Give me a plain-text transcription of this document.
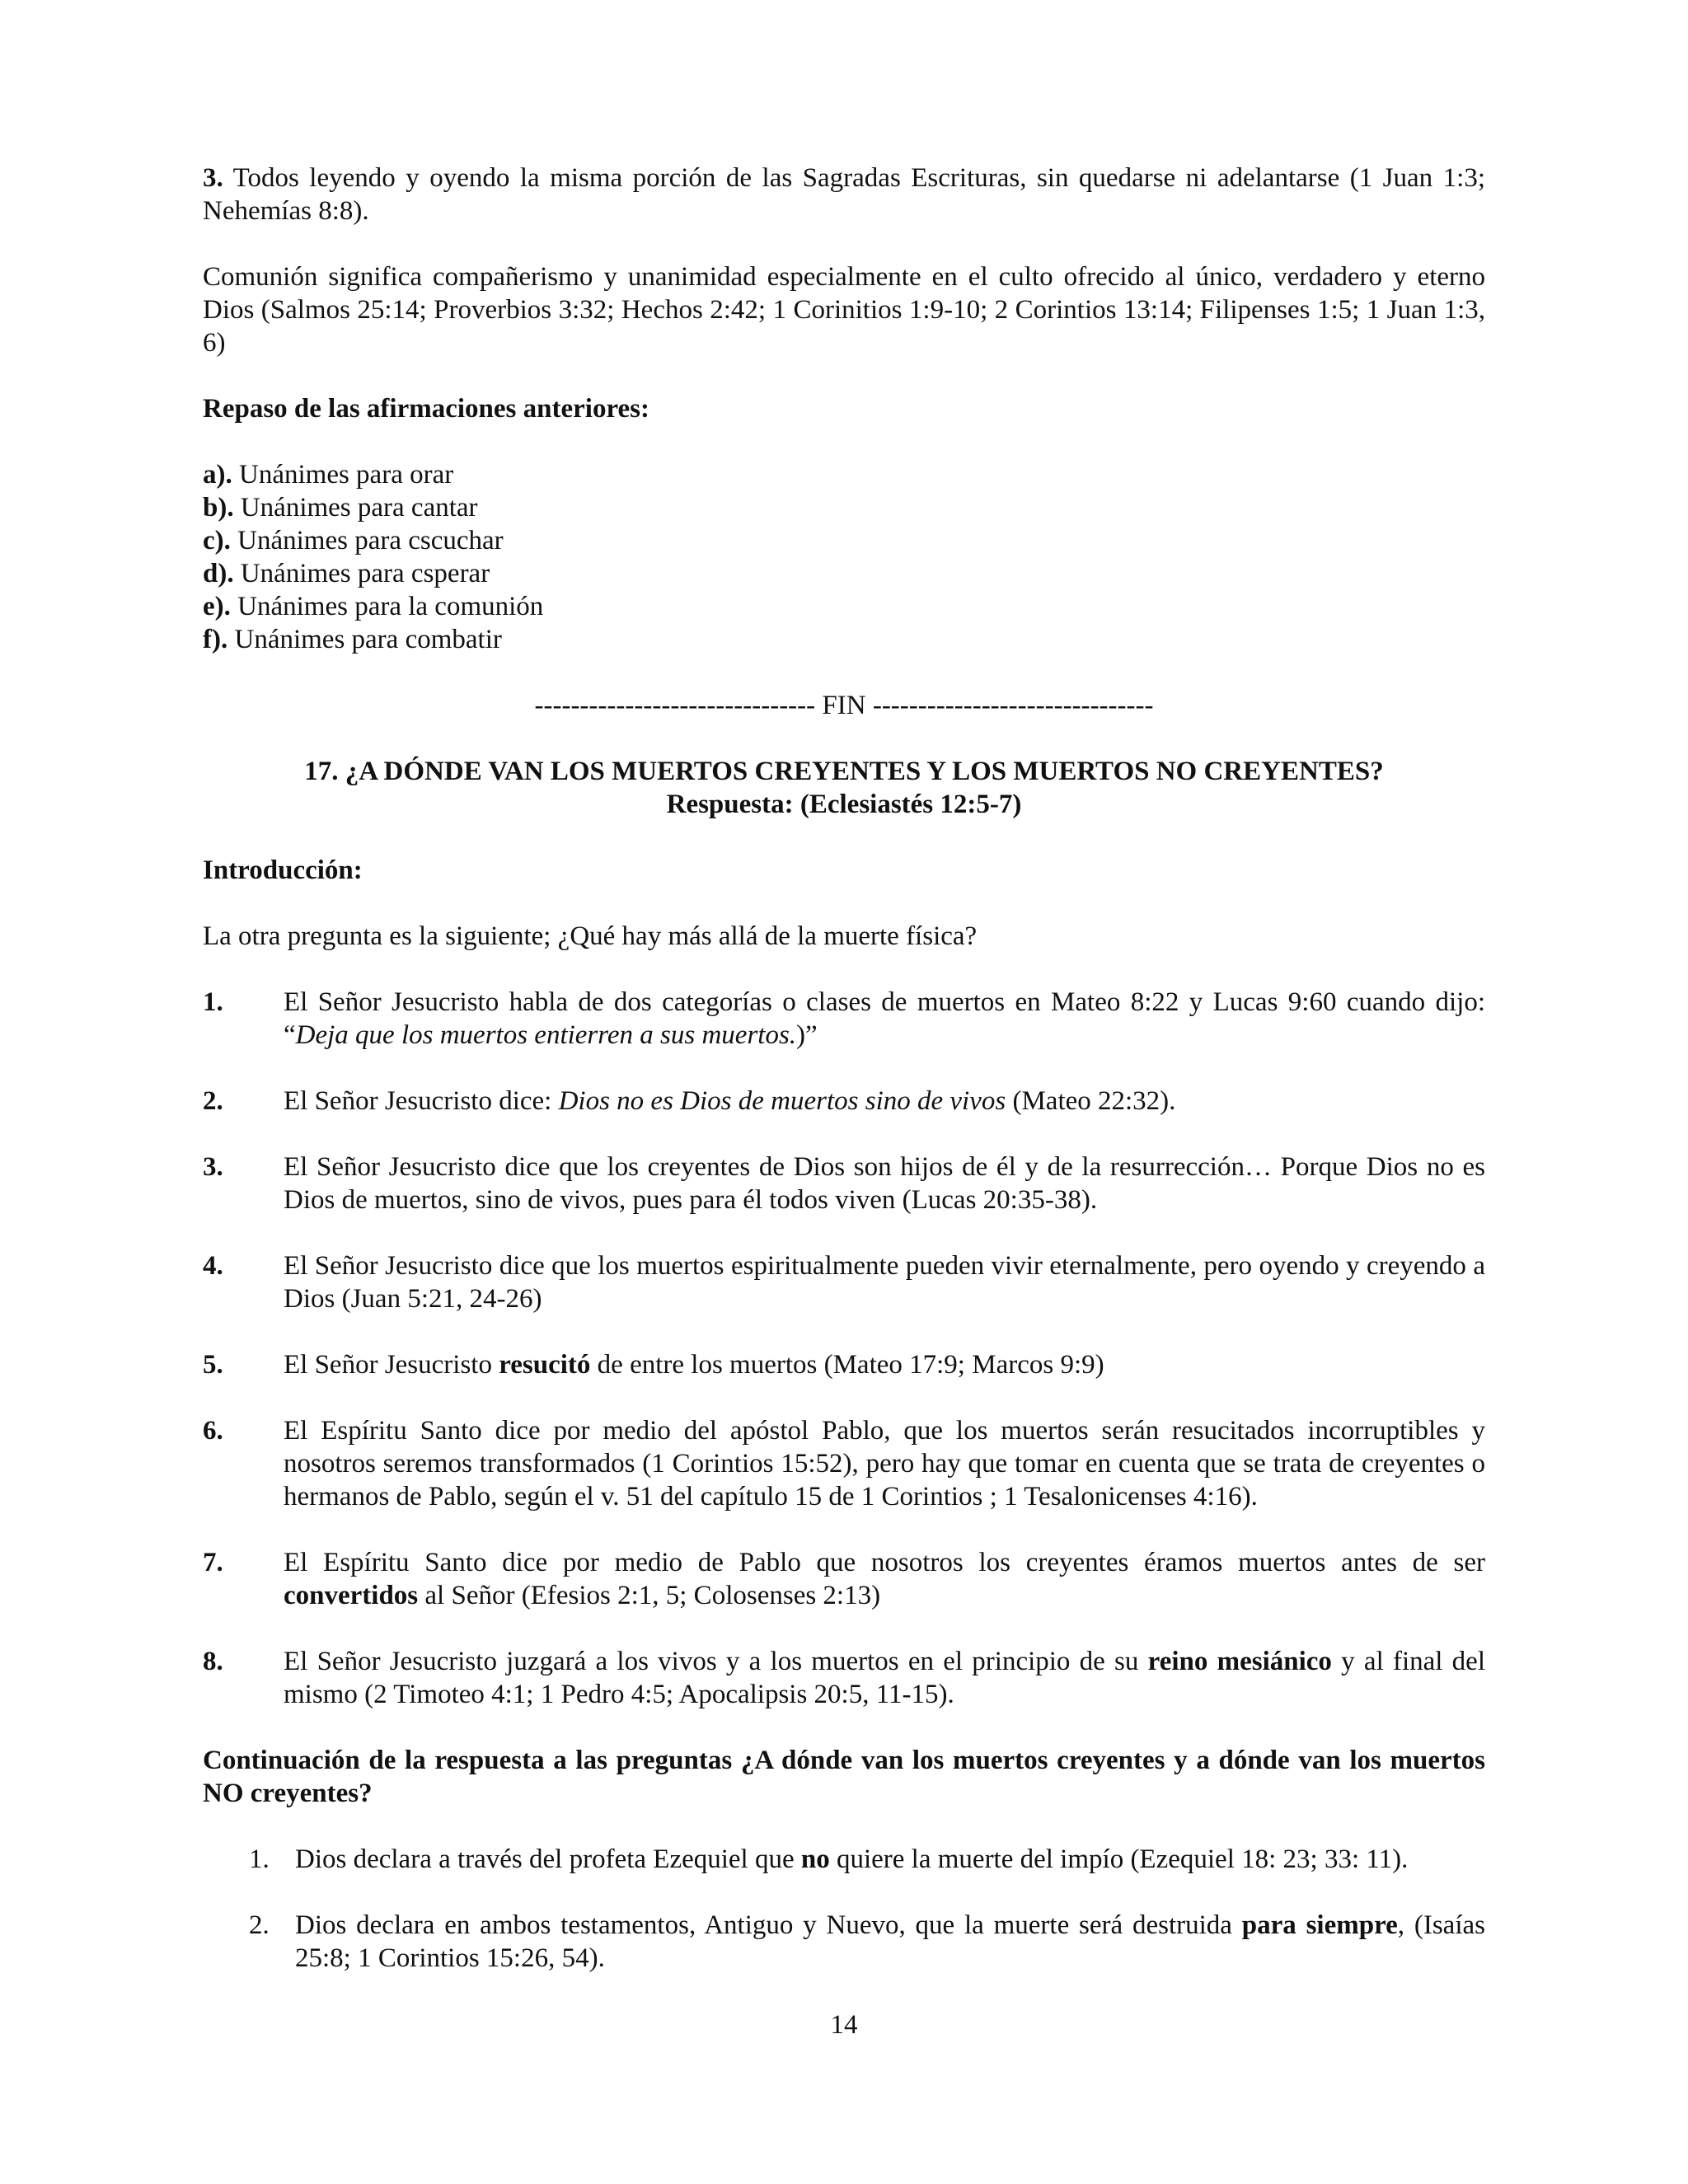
3. Todos leyendo y oyendo la misma porción de las Sagradas Escrituras, sin quedarse ni adelantarse (1 Juan 1:3; Nehemías 8:8).

Comunión significa compañerismo y unanimidad especialmente en el culto ofrecido al único, verdadero y eterno Dios (Salmos 25:14; Proverbios 3:32; Hechos 2:42; 1 Corinitios 1:9-10; 2 Corintios 13:14; Filipenses 1:5; 1 Juan 1:3, 6)

Repaso de las afirmaciones anteriores:

a). Unánimes para orar
b). Unánimes para cantar
c). Unánimes para cscuchar
d). Unánimes para csperar
e). Unánimes para la comunión
f). Unánimes para combatir

------------------------------- FIN -------------------------------

17. ¿A DÓNDE VAN LOS MUERTOS CREYENTES Y LOS MUERTOS NO CREYENTES?

Respuesta: (Eclesiastés 12:5-7)

Introducción:

La otra pregunta es la siguiente; ¿Qué hay más allá de la muerte física?

1.	El Señor Jesucristo habla de dos categorías o clases de muertos en Mateo 8:22 y Lucas 9:60 cuando dijo: “Deja que los muertos entierren a sus muertos.)”
2.	El Señor Jesucristo dice: Dios no es Dios de muertos sino de vivos (Mateo 22:32).
3.	El Señor Jesucristo dice que los creyentes de Dios son hijos de él y de la resurrección… Porque Dios no es Dios de muertos, sino de vivos, pues para él todos viven (Lucas 20:35-38).
4.	El Señor Jesucristo dice que los muertos espiritualmente pueden vivir eternalmente, pero oyendo y creyendo a Dios (Juan 5:21, 24-26)
5.	El Señor Jesucristo resucitó de entre los muertos (Mateo 17:9; Marcos 9:9)
6.	El Espíritu Santo dice por medio del apóstol Pablo, que los muertos serán resucitados incorruptibles y nosotros seremos transformados (1 Corintios 15:52), pero hay que tomar en cuenta que se trata de creyentes o hermanos de Pablo, según el v. 51 del capítulo 15 de 1 Corintios ; 1 Tesalonicenses 4:16).
7.	El Espíritu Santo dice por medio de Pablo que nosotros los creyentes éramos muertos antes de ser convertidos al Señor (Efesios 2:1, 5; Colosenses 2:13)
8.	El Señor Jesucristo juzgará a los vivos y a los muertos en el principio de su reino mesiánico y al final del mismo (2 Timoteo 4:1; 1 Pedro 4:5; Apocalipsis 20:5, 11-15).

Continuación de la respuesta a las preguntas ¿A dónde van los muertos creyentes y a dónde van los muertos NO creyentes?

1. Dios declara a través del profeta Ezequiel que no quiere la muerte del impío (Ezequiel 18: 23; 33: 11).
2. Dios declara en ambos testamentos, Antiguo y Nuevo, que la muerte será destruida para siempre, (Isaías 25:8; 1 Corintios 15:26, 54).
14
